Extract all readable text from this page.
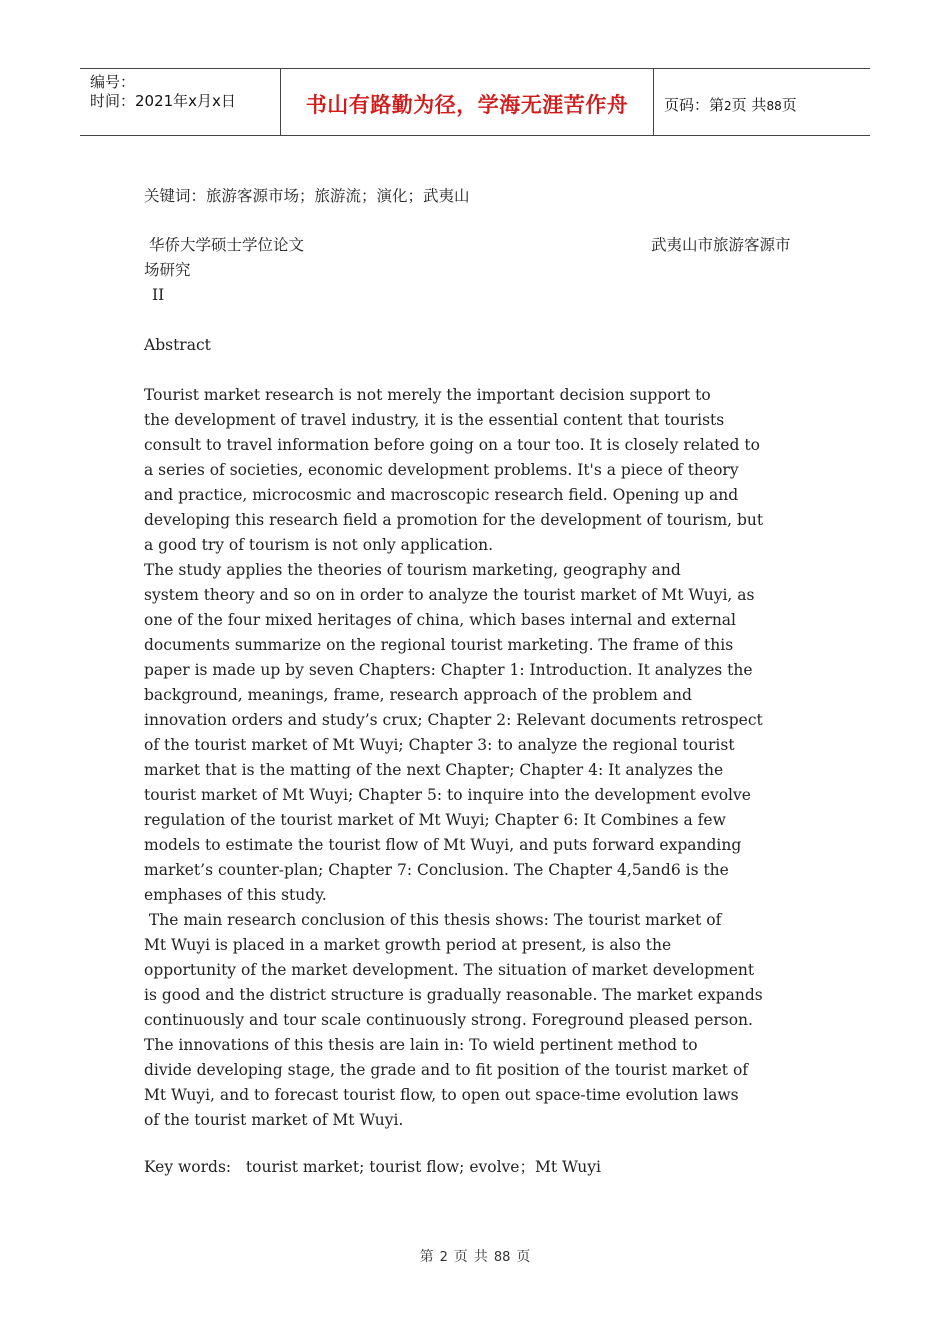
编号：
时间：2021年x月x日	书山有路勤为径，学海无涯苦作舟	页码：第2页 共88页
关键词：旅游客源市场；旅游流；演化；武夷山
华侨大学硕士学位论文	武夷山市旅游客源市
场研究
II
Abstract
Tourist market research is not merely the important decision support to
the development of travel industry, it is the essential content that tourists
consult to travel information before going on a tour too. It is closely related to
a series of societies, economic development problems. It's a piece of theory
and practice, microcosmic and macroscopic research field. Opening up and
developing this research field a promotion for the development of tourism, but
a good try of tourism is not only application.
The study applies the theories of tourism marketing, geography and
system theory and so on in order to analyze the tourist market of Mt Wuyi, as
one of the four mixed heritages of china, which bases internal and external
documents summarize on the regional tourist marketing. The frame of this
paper is made up by seven Chapters: Chapter 1: Introduction. It analyzes the
background, meanings, frame, research approach of the problem and
innovation orders and study’s crux; Chapter 2: Relevant documents retrospect
of the tourist market of Mt Wuyi; Chapter 3: to analyze the regional tourist
market that is the matting of the next Chapter; Chapter 4: It analyzes the
tourist market of Mt Wuyi; Chapter 5: to inquire into the development evolve
regulation of the tourist market of Mt Wuyi; Chapter 6: It Combines a few
models to estimate the tourist flow of Mt Wuyi, and puts forward expanding
market’s counter-plan; Chapter 7: Conclusion. The Chapter 4,5and6 is the
emphases of this study.
The main research conclusion of this thesis shows: The tourist market of
Mt Wuyi is placed in a market growth period at present, is also the
opportunity of the market development. The situation of market development
is good and the district structure is gradually reasonable. The market expands
continuously and tour scale continuously strong. Foreground pleased person.
The innovations of this thesis are lain in: To wield pertinent method to
divide developing stage, the grade and to fit position of the tourist market of
Mt Wuyi, and to forecast tourist flow, to open out space-time evolution laws
of the tourist market of Mt Wuyi.
Key words:   tourist market; tourist flow; evolve；Mt Wuyi
第 2 页 共 88 页
